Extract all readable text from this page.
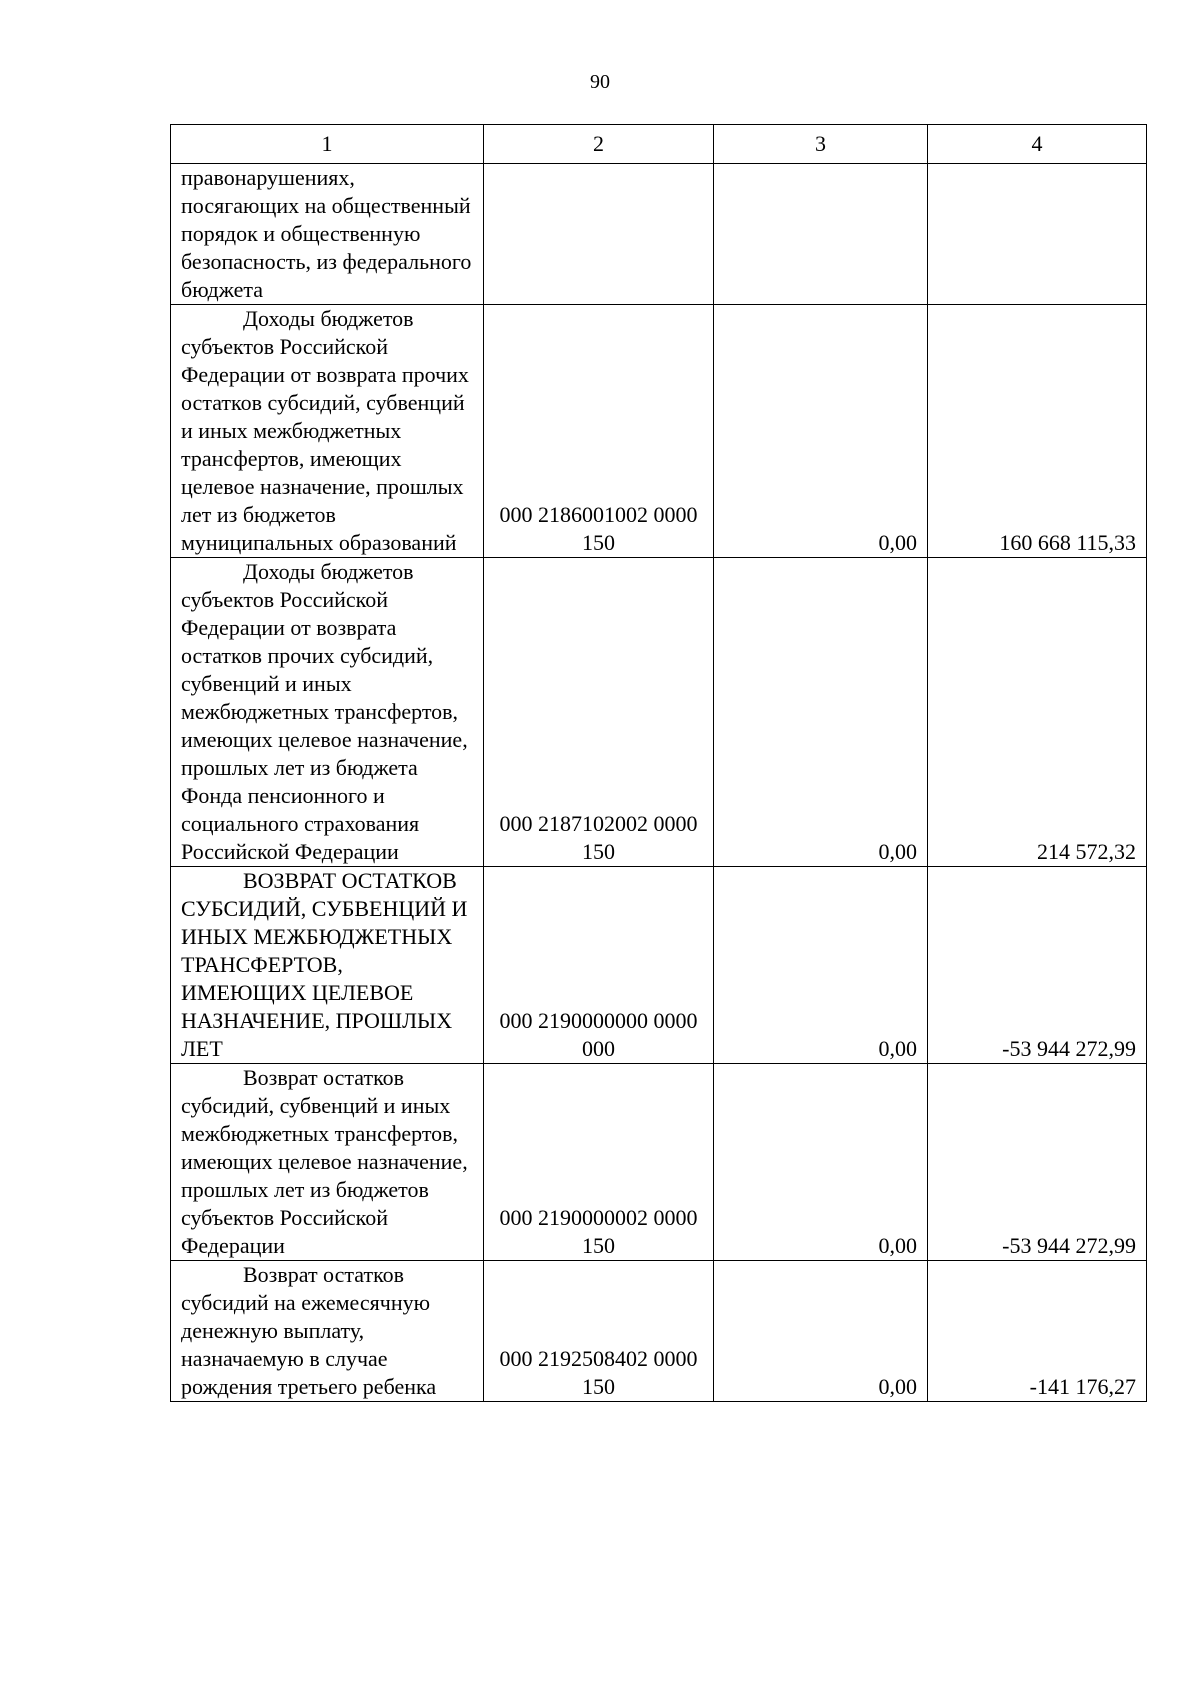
90
1	2	3	4

правонарушениях, посягающих на общественный порядок и общественную безопасность, из федерального бюджета			

Доходы бюджетов субъектов Российской Федерации от возврата прочих остатков субсидий, субвенций и иных межбюджетных трансфертов, имеющих целевое назначение, прошлых лет из бюджетов муниципальных образований	000 2186001002 0000 150	0,00	160 668 115,33

Доходы бюджетов субъектов Российской Федерации от возврата остатков прочих субсидий, субвенций и иных межбюджетных трансфертов, имеющих целевое назначение, прошлых лет из бюджета Фонда пенсионного и социального страхования Российской Федерации	000 2187102002 0000 150	0,00	214 572,32

ВОЗВРАТ ОСТАТКОВ СУБСИДИЙ, СУБВЕНЦИЙ И ИНЫХ МЕЖБЮДЖЕТНЫХ ТРАНСФЕРТОВ, ИМЕЮЩИХ ЦЕЛЕВОЕ НАЗНАЧЕНИЕ, ПРОШЛЫХ ЛЕТ	000 2190000000 0000 000	0,00	-53 944 272,99

Возврат остатков субсидий, субвенций и иных межбюджетных трансфертов, имеющих целевое назначение, прошлых лет из бюджетов субъектов Российской Федерации	000 2190000002 0000 150	0,00	-53 944 272,99

Возврат остатков субсидий на ежемесячную денежную выплату, назначаемую в случае рождения третьего ребенка	000 2192508402 0000 150	0,00	-141 176,27
